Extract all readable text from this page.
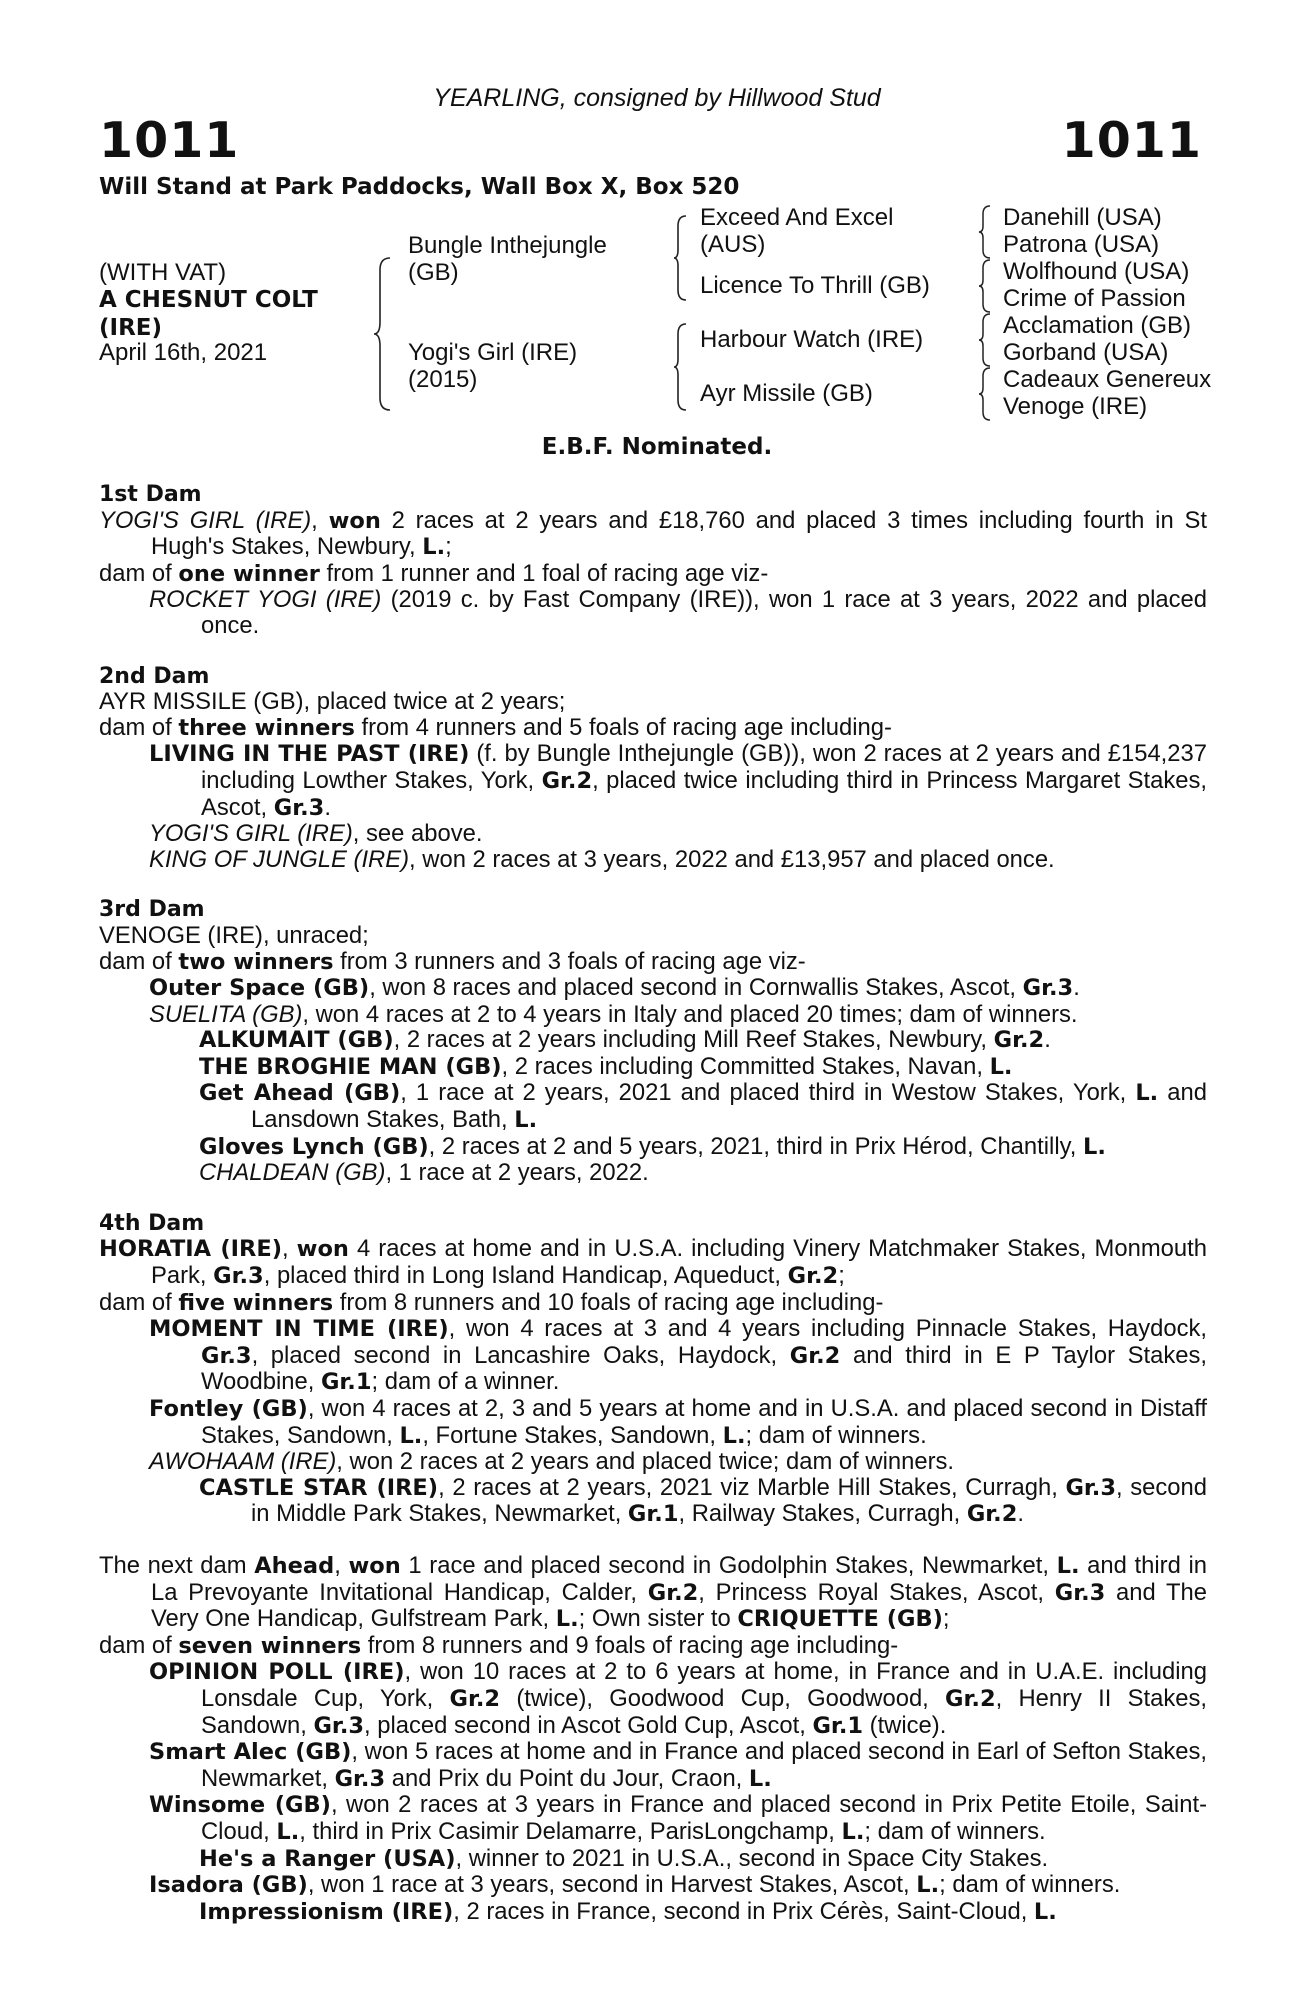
YEARLING, consigned by Hillwood Stud
1011	1011
Will Stand at Park Paddocks, Wall Box X, Box 520
(WITH VAT)
A CHESNUT COLT
(IRE)
April 16th, 2021
Bungle Inthejungle
(GB)
Yogi's Girl (IRE)
(2015)
Exceed And Excel
(AUS)
Licence To Thrill (GB)
Harbour Watch (IRE)
Ayr Missile (GB)
Danehill (USA)
Patrona (USA)
Wolfhound (USA)
Crime of Passion
Acclamation (GB)
Gorband (USA)
Cadeaux Genereux
Venoge (IRE)
E.B.F. Nominated.
1st Dam
YOGI'S GIRL (IRE), won 2 races at 2 years and £18,760 and placed 3 times including fourth in St Hugh's Stakes, Newbury, L.;
dam of one winner from 1 runner and 1 foal of racing age viz-
ROCKET YOGI (IRE) (2019 c. by Fast Company (IRE)), won 1 race at 3 years, 2022 and placed once.
2nd Dam
AYR MISSILE (GB), placed twice at 2 years;
dam of three winners from 4 runners and 5 foals of racing age including-
LIVING IN THE PAST (IRE) (f. by Bungle Inthejungle (GB)), won 2 races at 2 years and £154,237 including Lowther Stakes, York, Gr.2, placed twice including third in Princess Margaret Stakes, Ascot, Gr.3.
YOGI'S GIRL (IRE), see above.
KING OF JUNGLE (IRE), won 2 races at 3 years, 2022 and £13,957 and placed once.
3rd Dam
VENOGE (IRE), unraced;
dam of two winners from 3 runners and 3 foals of racing age viz-
Outer Space (GB), won 8 races and placed second in Cornwallis Stakes, Ascot, Gr.3.
SUELITA (GB), won 4 races at 2 to 4 years in Italy and placed 20 times; dam of winners.
ALKUMAIT (GB), 2 races at 2 years including Mill Reef Stakes, Newbury, Gr.2.
THE BROGHIE MAN (GB), 2 races including Committed Stakes, Navan, L.
Get Ahead (GB), 1 race at 2 years, 2021 and placed third in Westow Stakes, York, L. and Lansdown Stakes, Bath, L.
Gloves Lynch (GB), 2 races at 2 and 5 years, 2021, third in Prix Hérod, Chantilly, L.
CHALDEAN (GB), 1 race at 2 years, 2022.
4th Dam
HORATIA (IRE), won 4 races at home and in U.S.A. including Vinery Matchmaker Stakes, Monmouth Park, Gr.3, placed third in Long Island Handicap, Aqueduct, Gr.2;
dam of five winners from 8 runners and 10 foals of racing age including-
MOMENT IN TIME (IRE), won 4 races at 3 and 4 years including Pinnacle Stakes, Haydock, Gr.3, placed second in Lancashire Oaks, Haydock, Gr.2 and third in E P Taylor Stakes, Woodbine, Gr.1; dam of a winner.
Fontley (GB), won 4 races at 2, 3 and 5 years at home and in U.S.A. and placed second in Distaff Stakes, Sandown, L., Fortune Stakes, Sandown, L.; dam of winners.
AWOHAAM (IRE), won 2 races at 2 years and placed twice; dam of winners.
CASTLE STAR (IRE), 2 races at 2 years, 2021 viz Marble Hill Stakes, Curragh, Gr.3, second in Middle Park Stakes, Newmarket, Gr.1, Railway Stakes, Curragh, Gr.2.
The next dam Ahead, won 1 race and placed second in Godolphin Stakes, Newmarket, L. and third in La Prevoyante Invitational Handicap, Calder, Gr.2, Princess Royal Stakes, Ascot, Gr.3 and The Very One Handicap, Gulfstream Park, L.; Own sister to CRIQUETTE (GB);
dam of seven winners from 8 runners and 9 foals of racing age including-
OPINION POLL (IRE), won 10 races at 2 to 6 years at home, in France and in U.A.E. including Lonsdale Cup, York, Gr.2 (twice), Goodwood Cup, Goodwood, Gr.2, Henry II Stakes, Sandown, Gr.3, placed second in Ascot Gold Cup, Ascot, Gr.1 (twice).
Smart Alec (GB), won 5 races at home and in France and placed second in Earl of Sefton Stakes, Newmarket, Gr.3 and Prix du Point du Jour, Craon, L.
Winsome (GB), won 2 races at 3 years in France and placed second in Prix Petite Etoile, Saint-Cloud, L., third in Prix Casimir Delamarre, ParisLongchamp, L.; dam of winners.
He's a Ranger (USA), winner to 2021 in U.S.A., second in Space City Stakes.
Isadora (GB), won 1 race at 3 years, second in Harvest Stakes, Ascot, L.; dam of winners.
Impressionism (IRE), 2 races in France, second in Prix Cérès, Saint-Cloud, L.
